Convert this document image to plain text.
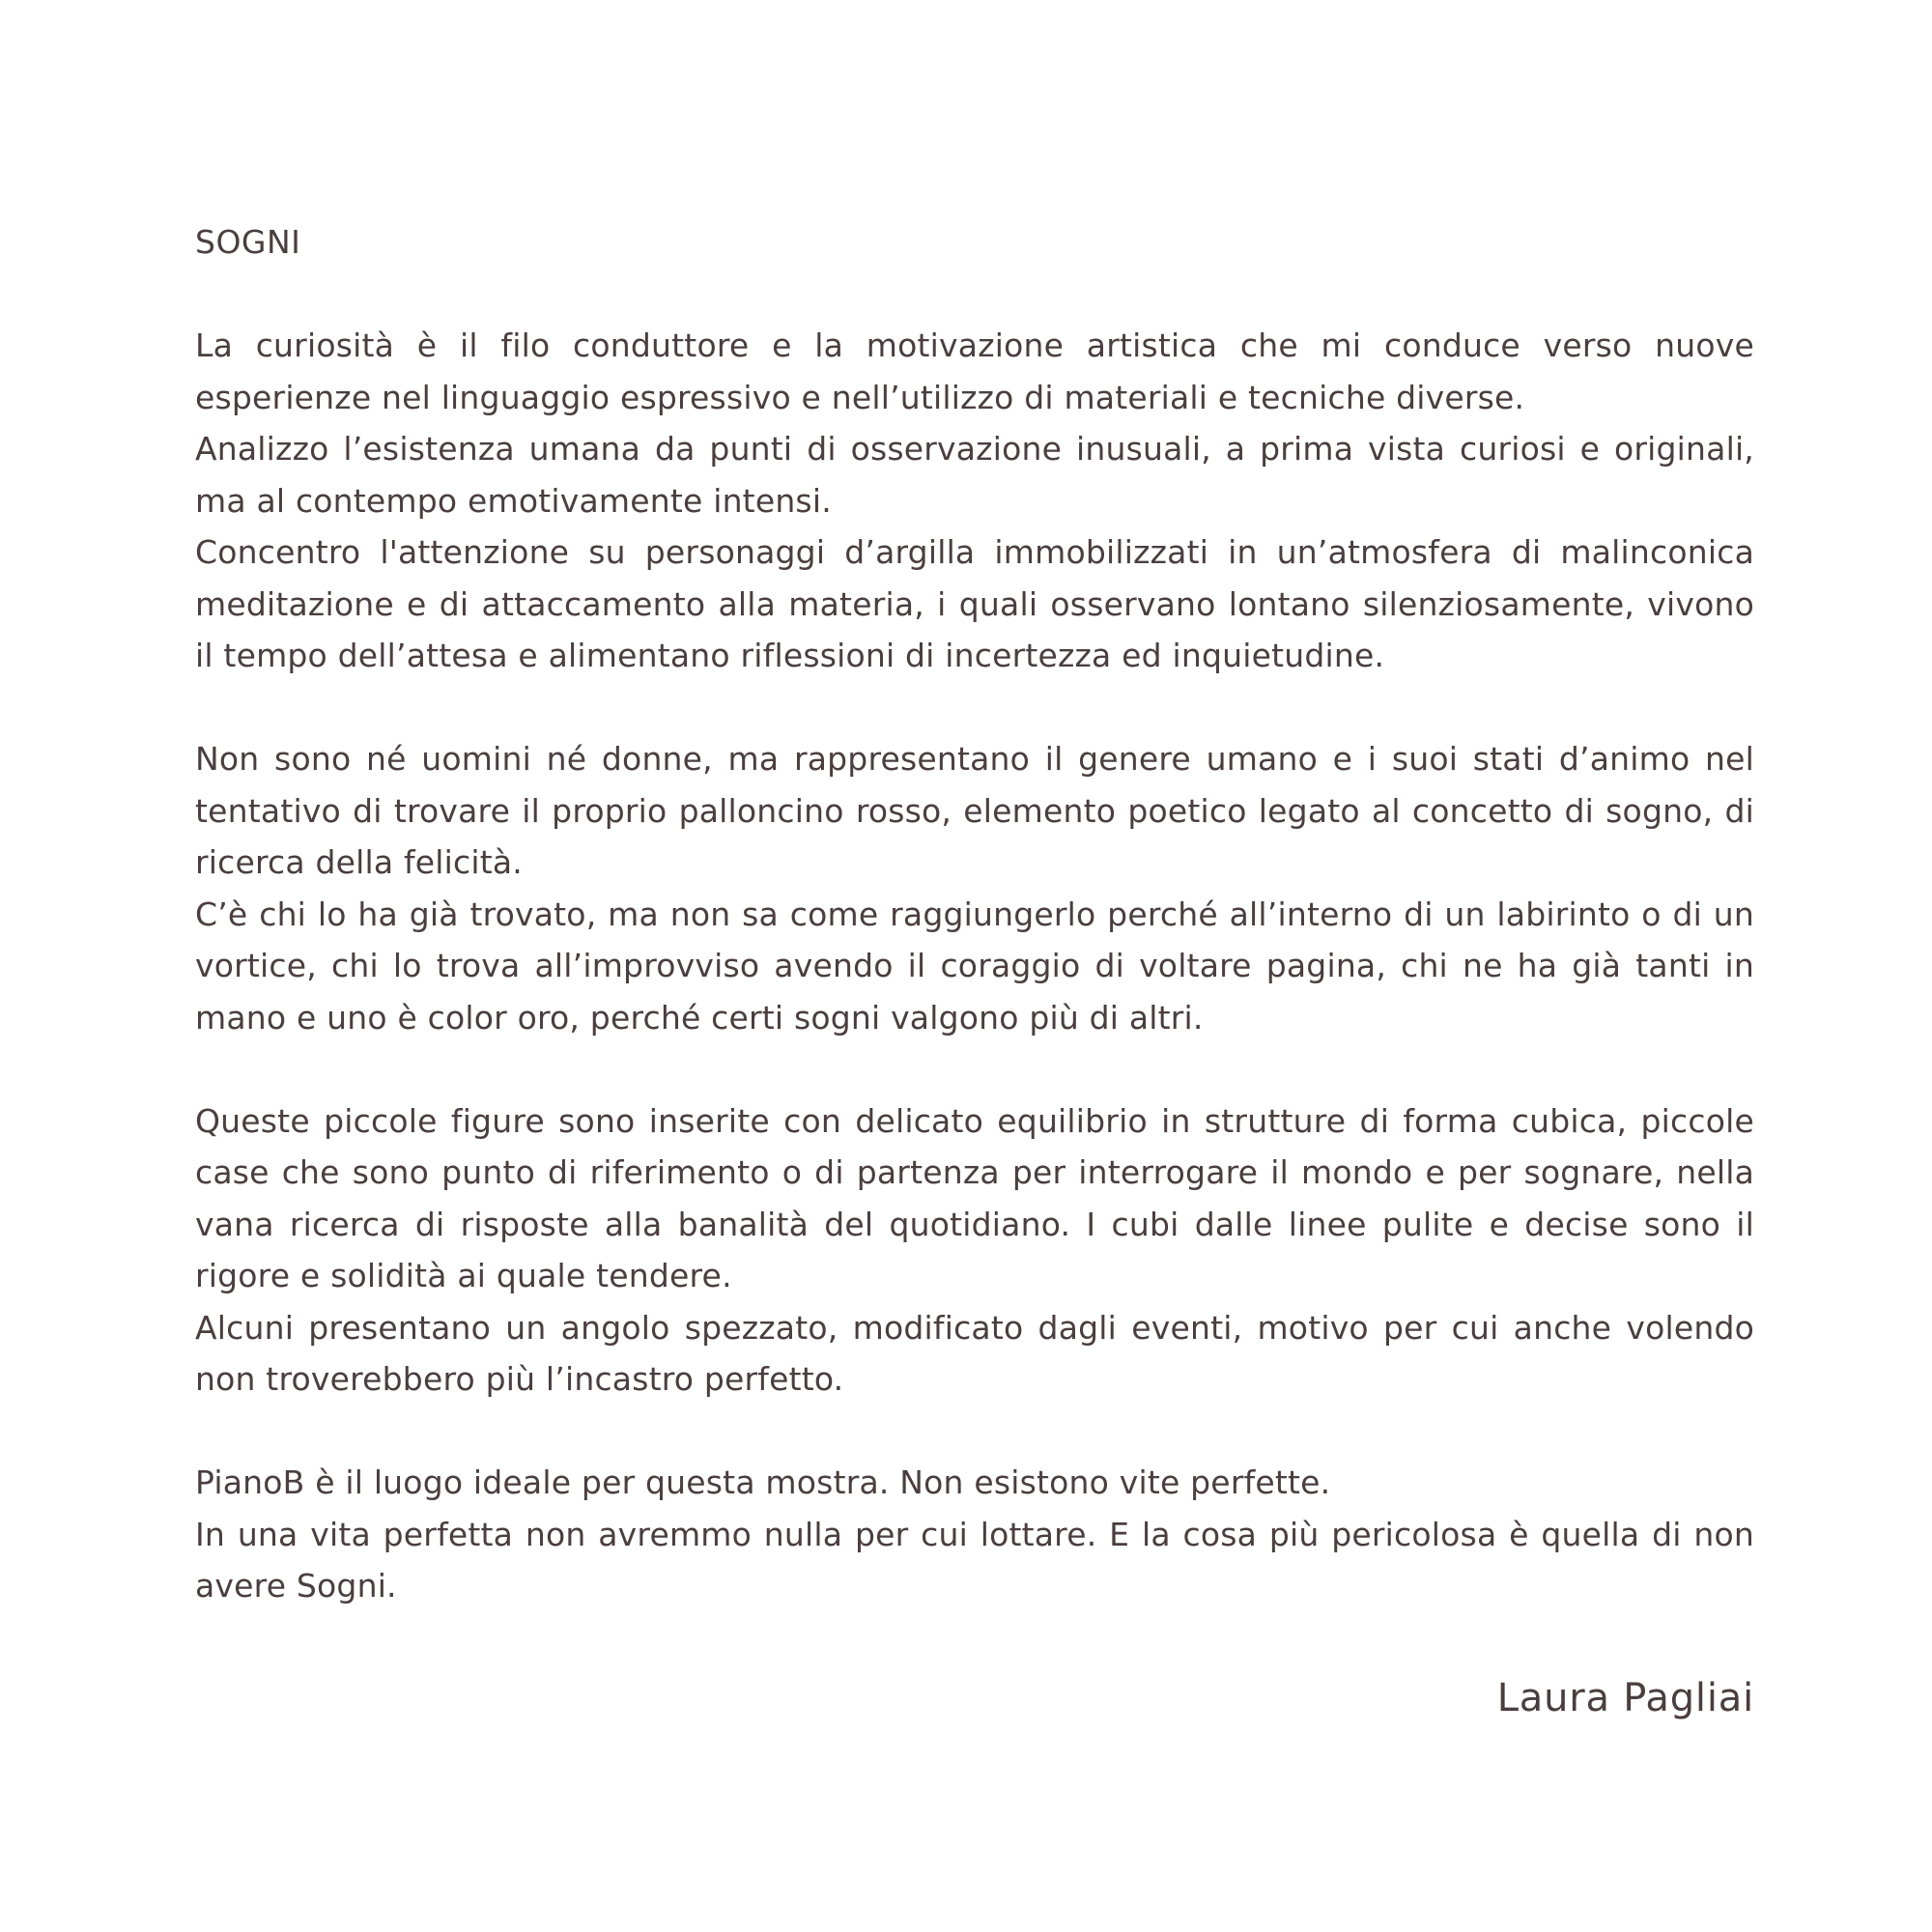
SOGNI

La curiosità è il filo conduttore e la motivazione artistica che mi conduce verso nuove esperienze nel linguaggio espressivo e nell’utilizzo di materiali e tecniche diverse.

Analizzo l’esistenza umana da punti di osservazione inusuali, a prima vista curiosi e originali, ma al contempo emotivamente intensi.

Concentro l'attenzione su personaggi d’argilla immobilizzati in un’atmosfera di malinconica meditazione e di attaccamento alla materia, i quali osservano lontano silenziosamente, vivono il tempo dell’attesa e alimentano riflessioni di incertezza ed inquietudine.

Non sono né uomini né donne, ma rappresentano il genere umano e i suoi stati d’animo nel tentativo di trovare il proprio palloncino rosso, elemento poetico legato al concetto di sogno, di ricerca della felicità.

C’è chi lo ha già trovato, ma non sa come raggiungerlo perché all’interno di un labirinto o di un vortice, chi lo trova all’improvviso avendo il coraggio di voltare pagina, chi ne ha già tanti in mano e uno è color oro, perché certi sogni valgono più di altri.

Queste piccole figure sono inserite con delicato equilibrio in strutture di forma cubica, piccole case che sono punto di riferimento o di partenza per interrogare il mondo e per sognare, nella vana ricerca di risposte alla banalità del quotidiano. I cubi dalle linee pulite e decise sono il rigore e solidità ai quale tendere.

Alcuni presentano un angolo spezzato, modificato dagli eventi, motivo per cui anche volendo non troverebbero più l’incastro perfetto.

PianoB è il luogo ideale per questa mostra. Non esistono vite perfette.

In una vita perfetta non avremmo nulla per cui lottare. E la cosa più pericolosa è quella di non avere Sogni.

Laura Pagliai
